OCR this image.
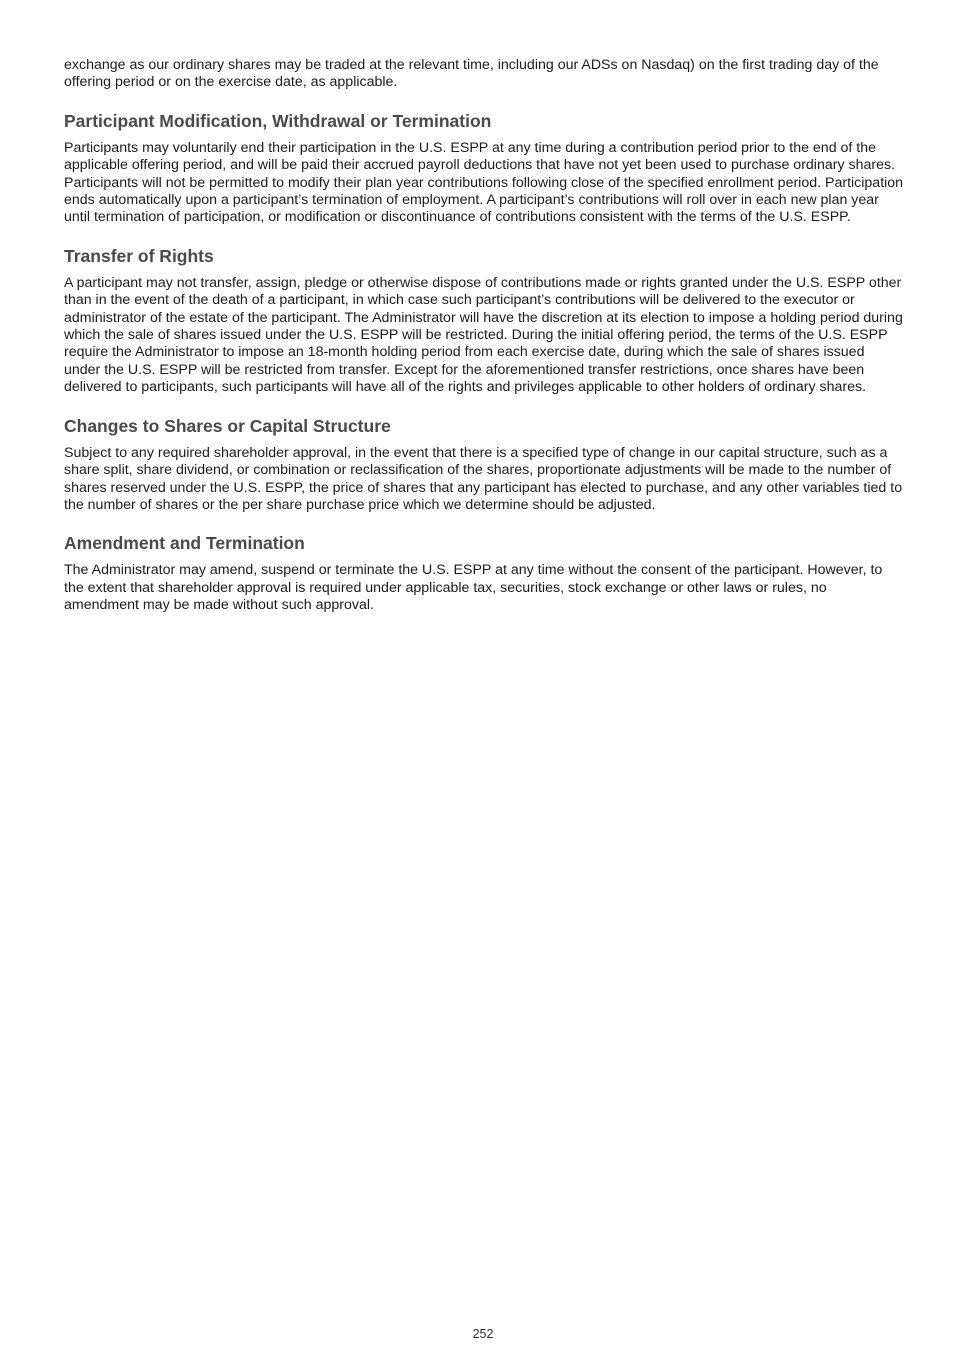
exchange as our ordinary shares may be traded at the relevant time, including our ADSs on Nasdaq) on the first trading day of the offering period or on the exercise date, as applicable.

Participant Modification, Withdrawal or Termination

Participants may voluntarily end their participation in the U.S. ESPP at any time during a contribution period prior to the end of the applicable offering period, and will be paid their accrued payroll deductions that have not yet been used to purchase ordinary shares. Participants will not be permitted to modify their plan year contributions following close of the specified enrollment period. Participation ends automatically upon a participant’s termination of employment. A participant’s contributions will roll over in each new plan year until termination of participation, or modification or discontinuance of contributions consistent with the terms of the U.S. ESPP.

Transfer of Rights

A participant may not transfer, assign, pledge or otherwise dispose of contributions made or rights granted under the U.S. ESPP other than in the event of the death of a participant, in which case such participant’s contributions will be delivered to the executor or administrator of the estate of the participant. The Administrator will have the discretion at its election to impose a holding period during which the sale of shares issued under the U.S. ESPP will be restricted. During the initial offering period, the terms of the U.S. ESPP require the Administrator to impose an 18-month holding period from each exercise date, during which the sale of shares issued under the U.S. ESPP will be restricted from transfer. Except for the aforementioned transfer restrictions, once shares have been delivered to participants, such participants will have all of the rights and privileges applicable to other holders of ordinary shares.

Changes to Shares or Capital Structure

Subject to any required shareholder approval, in the event that there is a specified type of change in our capital structure, such as a share split, share dividend, or combination or reclassification of the shares, proportionate adjustments will be made to the number of shares reserved under the U.S. ESPP, the price of shares that any participant has elected to purchase, and any other variables tied to the number of shares or the per share purchase price which we determine should be adjusted.

Amendment and Termination

The Administrator may amend, suspend or terminate the U.S. ESPP at any time without the consent of the participant. However, to the extent that shareholder approval is required under applicable tax, securities, stock exchange or other laws or rules, no amendment may be made without such approval.

252
